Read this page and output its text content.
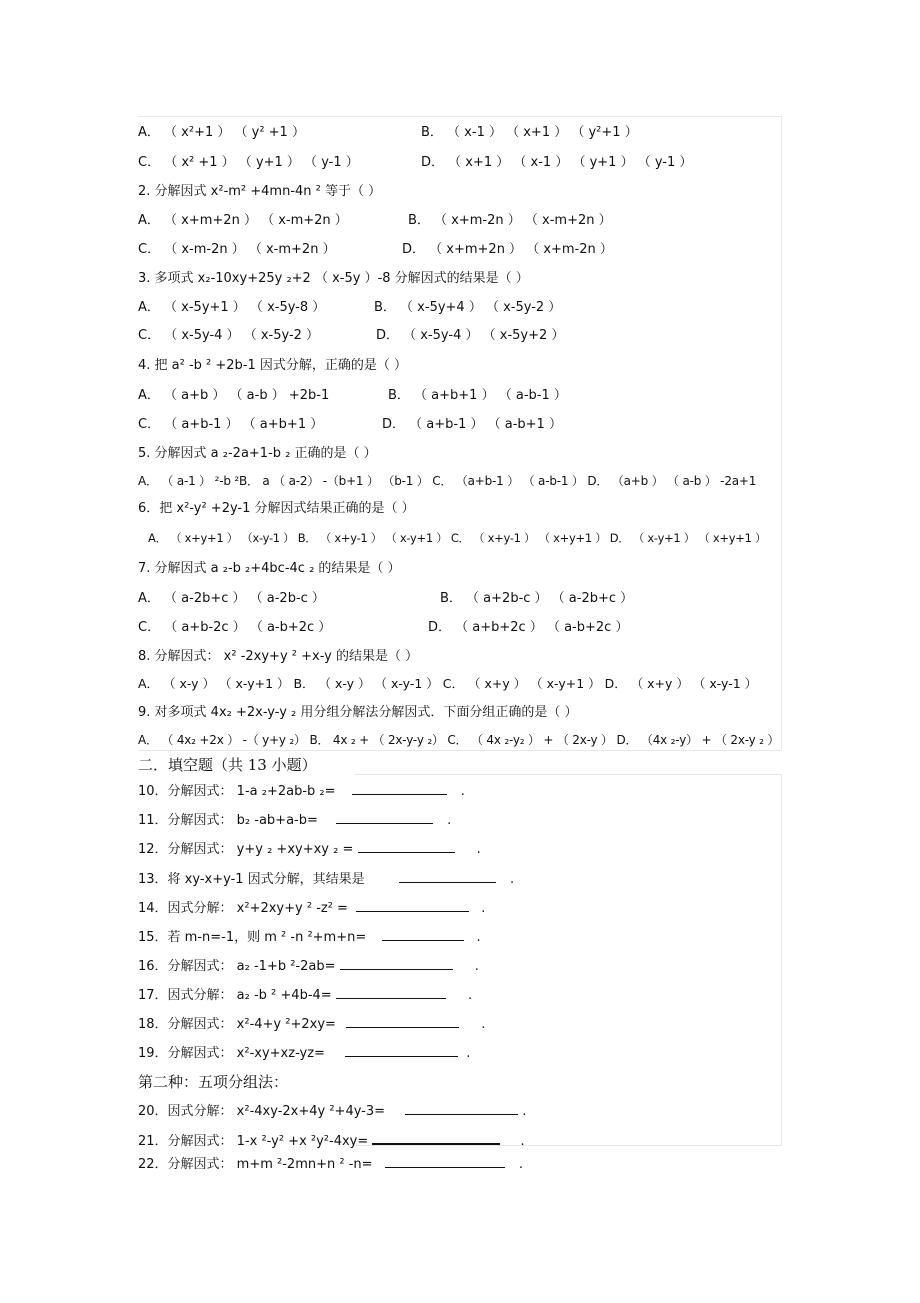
A． （ x²+1 ） （ y² +1 ）	B． （ x-1 ） （ x+1 ） （ y²+1 ）
C． （ x² +1 ） （ y+1 ） （ y-1 ）	D． （ x+1 ） （ x-1 ） （ y+1 ） （ y-1 ）
2. 分解因式 x²-m² +4mn-4n ² 等于（ ）
A． （ x+m+2n ） （ x-m+2n ）	B． （ x+m-2n ） （ x-m+2n ）
C． （ x-m-2n ） （ x-m+2n ）	D． （ x+m+2n ） （ x+m-2n ）
3. 多项式 x₂-10xy+25y ₂+2 （ x-5y ）-8 分解因式的结果是（ ）
A． （ x-5y+1 ） （ x-5y-8 ）	B． （ x-5y+4 ） （ x-5y-2 ）
C． （ x-5y-4 ） （ x-5y-2 ）	D． （ x-5y-4 ） （ x-5y+2 ）
4. 把 a² -b ² +2b-1 因式分解，正确的是（ ）
A． （ a+b ） （ a-b ） +2b-1	B． （ a+b+1 ） （ a-b-1 ）
C． （ a+b-1 ） （ a+b+1 ）	D． （ a+b-1 ） （ a-b+1 ）
5. 分解因式 a ₂-2a+1-b ₂ 正确的是（ ）
A． （ a-1 ） ²-b ²B． a （ a-2） -（b+1 ） （b-1 ） C． （a+b-1 ） （ a-b-1 ） D． （a+b ） （ a-b ） -2a+1
6．把 x²-y² +2y-1 分解因式结果正确的是（ ）
A． （ x+y+1 ） （x-y-1 ） B． （ x+y-1 ） （ x-y+1 ） C． （ x+y-1 ） （ x+y+1 ） D． （ x-y+1 ） （ x+y+1 ）
7. 分解因式 a ₂-b ₂+4bc-4c ₂ 的结果是（ ）
A． （ a-2b+c ） （ a-2b-c ）	B． （ a+2b-c ） （ a-2b+c ）
C． （ a+b-2c ） （ a-b+2c ）	D． （ a+b+2c ） （ a-b+2c ）
8. 分解因式： x² -2xy+y ² +x-y 的结果是（ ）
A． （ x-y ） （ x-y+1 ） B． （ x-y ） （ x-y-1 ） C． （ x+y ） （ x-y+1 ） D． （ x+y ） （ x-y-1 ）
9. 对多项式 4x₂ +2x-y-y ₂ 用分组分解法分解因式．下面分组正确的是（ ）
A． （ 4x₂ +2x ） -（ y+y ₂） B． 4x ₂ + （ 2x-y-y ₂） C． （ 4x ₂-y₂ ） + （ 2x-y ） D． （4x ₂-y） + （ 2x-y ₂ ）
二．填空题（共 13 小题）
10．分解因式： 1-a ₂+2ab-b ₂=	.
11．分解因式： b₂ -ab+a-b=	.
12．分解因式： y+y ₂ +xy+xy ₂ =	.
13．将 xy-x+y-1 因式分解，其结果是	.
14．因式分解： x²+2xy+y ² -z² =	.
15．若 m-n=-1，则 m ² -n ²+m+n=	.
16．分解因式： a₂ -1+b ²-2ab=	.
17．因式分解： a₂ -b ² +4b-4=	.
18．分解因式： x²-4+y ²+2xy=	.
19．分解因式： x²-xy+xz-yz=	.
第二种：五项分组法：
20．因式分解： x²-4xy-2x+4y ²+4y-3=	.
21．分解因式： 1-x ²-y² +x ²y²-4xy=	.
22．分解因式： m+m ²-2mn+n ² -n=	.
